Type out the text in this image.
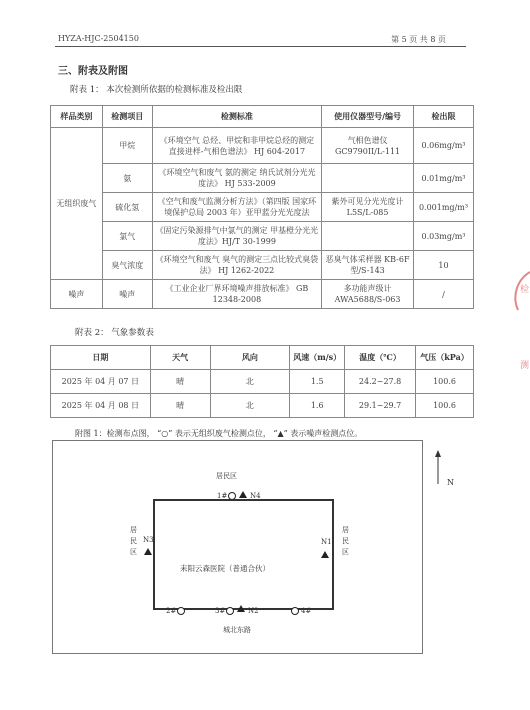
HYZA-HJC-2504150	第 5 页 共 8 页
三、附表及附图
附表 1： 本次检测所依据的检测标准及检出限
样品类别	检测项目	检测标准	使用仪器型号/编号	检出限
无组织废气	甲烷	《环境空气 总烃、甲烷和非甲烷总烃的测定 直接进样-气相色谱法》 HJ 604-2017	气相色谱仪 GC9790II/L-111	0.06mg/m³
	氨	《环境空气和废气 氨的测定 纳氏试剂分光光度法》 HJ 533-2009		0.01mg/m³
	硫化氢	《空气和废气监测分析方法》（第四版 国家环境保护总局 2003 年）亚甲蓝分光光度法	紫外可见分光光度计 L5S/L-085	0.001mg/m³
	氯气	《固定污染源排气中氯气的测定 甲基橙分光光度法》HJ/T 30-1999		0.03mg/m³
	臭气浓度	《环境空气和废气 臭气的测定三点比较式臭袋法》 HJ 1262-2022	恶臭气体采样器 KB-6F 型/S-143	10
噪声	噪声	《工业企业厂界环境噪声排放标准》 GB 12348-2008	多功能声级计 AWA5688/S-063	/
附表 2： 气象参数表
日期	天气	风向	风速（m/s）	温度（℃）	气压（kPa）
2025 年 04 月 07 日	晴	北	1.5	24.2~27.8	100.6
2025 年 04 月 08 日	晴	北	1.6	29.1~29.7	100.6
附图 1：检测布点图， “○” 表示无组织废气检测点位， “▲” 表示噪声检测点位。
居民区
1#	N4
居
民
区
N3
耒阳云森医院（普通合伙）
N1
居
民
区
2#	3#	N2	4#
城北东路
N
检
测
